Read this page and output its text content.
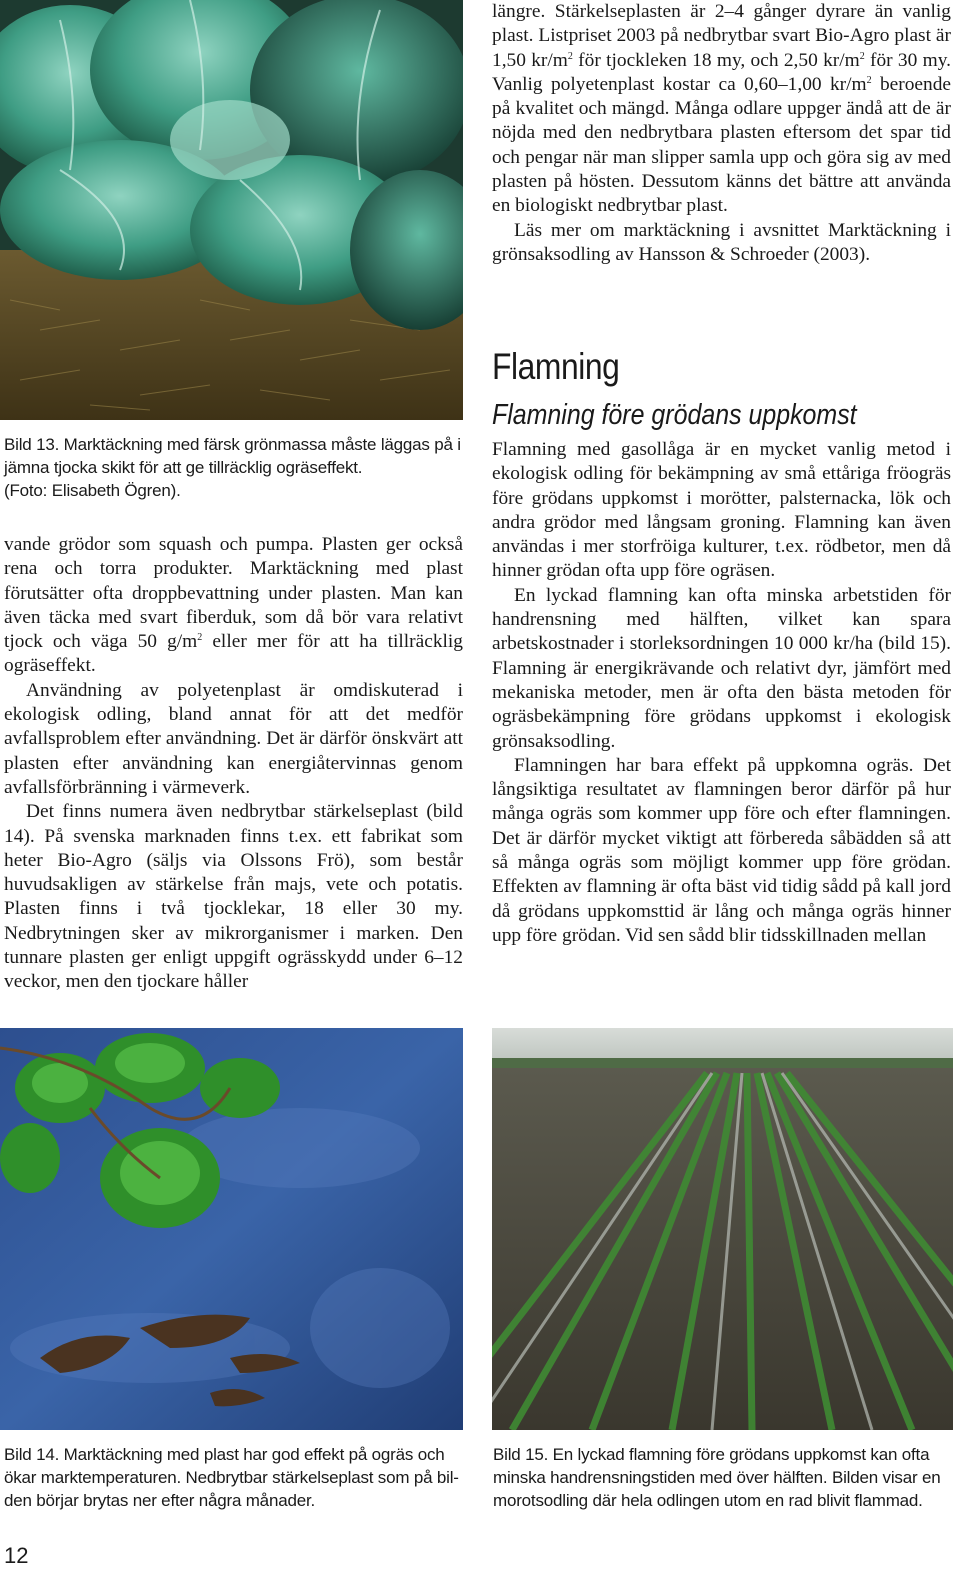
Bild 13. Marktäckning med färsk grönmassa måste läggas på i
jämna tjocka skikt för att ge tillräcklig ogräseffekt.
(Foto: Elisabeth Ögren).

vande grödor som squash och pumpa. Plasten ger också rena och torra produkter. Marktäckning med plast förutsätter ofta droppbevattning under plasten. Man kan även täcka med svart fiberduk, som då bör vara relativt tjock och väga 50 $g/m^2$ eller mer för att ha tillräcklig ogräseffekt.

Användning av polyetenplast är omdiskuterad i ekologisk odling, bland annat för att det medför avfallsproblem efter användning. Det är därför önskvärt att plasten efter användning kan energiåtervinnas genom avfallsförbränning i värmeverk.

Det finns numera även nedbrytbar stärkelseplast (bild 14). På svenska marknaden finns t.ex. ett fabrikat som heter Bio-Agro (säljs via Olssons Frö), som består huvudsakligen av stärkelse från majs, vete och potatis. Plasten finns i två tjocklekar, 18 eller 30 my. Nedbrytningen sker av mikrorganismer i marken. Den tunnare plasten ger enligt uppgift ogrässkydd under 6–12 veckor, men den tjockare håller

längre. Stärkelseplasten är 2–4 gånger dyrare än vanlig plast. Listpriset 2003 på nedbrytbar svart Bio-Agro plast är 1,50 $kr/m^2$ för tjockleken 18 my, och 2,50 $kr/m^2$ för 30 my. Vanlig polyetenplast kostar ca 0,60–1,00 $kr/m^2$ beroende på kvalitet och mängd. Många odlare uppger ändå att de är nöjda med den nedbrytbara plasten eftersom det spar tid och pengar när man slipper samla upp och göra sig av med plasten på hösten. Dessutom känns det bättre att använda en biologiskt nedbrytbar plast.

Läs mer om marktäckning i avsnittet Marktäckning i grönsaksodling av Hansson & Schroeder (2003).

Flamning
Flamning före grödans uppkomst

Flamning med gasollåga är en mycket vanlig metod i ekologisk odling för bekämpning av små ettåriga fröogräs före grödans uppkomst i morötter, palsternacka, lök och andra grödor med långsam groning. Flamning kan även användas i mer storfröiga kulturer, t.ex. rödbetor, men då hinner grödan ofta upp före ogräsen.

En lyckad flamning kan ofta minska arbetstiden för handrensning med hälften, vilket kan spara arbetskostnader i storleksordningen 10 000 kr/ha (bild 15). Flamning är energikrävande och relativt dyr, jämfört med mekaniska metoder, men är ofta den bästa metoden för ogräsbekämpning före grödans uppkomst i ekologisk grönsaksodling.

Flamningen har bara effekt på uppkomna ogräs. Det långsiktiga resultatet av flamningen beror därför på hur många ogräs som kommer upp före och efter flamningen. Det är därför mycket viktigt att förbereda såbädden så att så många ogräs som möjligt kommer upp före grödan. Effekten av flamning är ofta bäst vid tidig sådd på kall jord då grödans uppkomsttid är lång och många ogräs hinner upp före grödan. Vid sen sådd blir tidsskillnaden mellan

Bild 14. Marktäckning med plast har god effekt på ogräs och
ökar marktemperaturen. Nedbrytbar stärkelseplast som på bil-
den börjar brytas ner efter några månader.
Bild 15. En lyckad flamning före grödans uppkomst kan ofta
minska handrensningstiden med över hälften. Bilden visar en
morotsodling där hela odlingen utom en rad blivit flammad.
12
